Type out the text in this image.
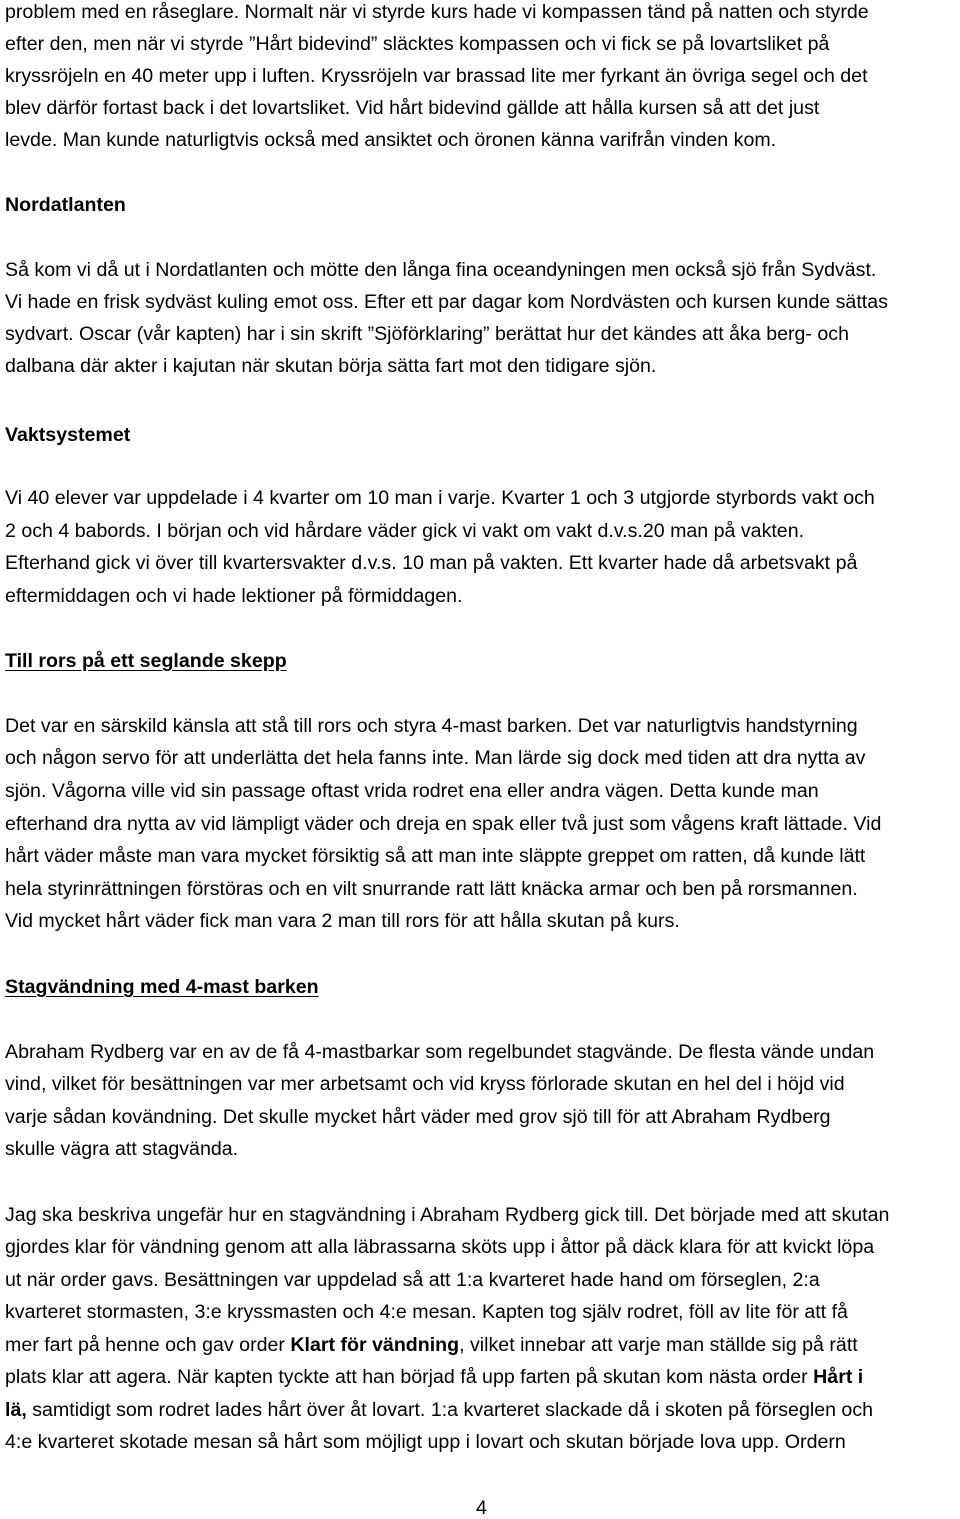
problem med en råseglare. Normalt när vi styrde kurs hade vi kompassen tänd på natten och styrde
efter den, men när vi styrde ”Hårt bidevind” släcktes kompassen och vi fick se på lovartsliket på
kryssröjeln en 40 meter upp i luften. Kryssröjeln var brassad lite mer fyrkant än övriga segel och det
blev därför fortast back i det lovartsliket. Vid hårt bidevind gällde att hålla kursen så att det just
levde. Man kunde naturligtvis också med ansiktet och öronen känna varifrån vinden kom.
Nordatlanten
Så kom vi då ut i Nordatlanten och mötte den långa fina oceandyningen men också sjö från Sydväst.
Vi hade en frisk sydväst kuling emot oss. Efter ett par dagar kom Nordvästen och kursen kunde sättas
sydvart. Oscar (vår kapten) har i sin skrift ”Sjöförklaring” berättat hur det kändes att åka berg- och
dalbana där akter i kajutan när skutan börja sätta fart mot den tidigare sjön.
Vaktsystemet
Vi 40 elever var uppdelade i 4 kvarter om 10 man i varje. Kvarter 1 och 3 utgjorde styrbords vakt och
2 och 4 babords. I början och vid hårdare väder gick vi vakt om vakt d.v.s.20 man på vakten.
Efterhand gick vi över till kvartersvakter d.v.s. 10 man på vakten. Ett kvarter hade då arbetsvakt på
eftermiddagen och vi hade lektioner på förmiddagen.
Till rors på ett seglande skepp
Det var en särskild känsla att stå till rors och styra 4-mast barken. Det var naturligtvis handstyrning
och någon servo för att underlätta det hela fanns inte. Man lärde sig dock med tiden att dra nytta av
sjön. Vågorna ville vid sin passage oftast vrida rodret ena eller andra vägen. Detta kunde man
efterhand dra nytta av vid lämpligt väder och dreja en spak eller två just som vågens kraft lättade. Vid
hårt väder måste man vara mycket försiktig så att man inte släppte greppet om ratten, då kunde lätt
hela styrinrättningen förstöras och en vilt snurrande ratt lätt knäcka armar och ben på rorsmannen.
Vid mycket hårt väder fick man vara 2 man till rors för att hålla skutan på kurs.
Stagvändning med 4-mast barken
Abraham Rydberg var en av de få 4-mastbarkar som regelbundet stagvände. De flesta vände undan
vind, vilket för besättningen var mer arbetsamt och vid kryss förlorade skutan en hel del i höjd vid
varje sådan kovändning. Det skulle mycket hårt väder med grov sjö till för att Abraham Rydberg
skulle vägra att stagvända.
Jag ska beskriva ungefär hur en stagvändning i Abraham Rydberg gick till. Det började med att skutan
gjordes klar för vändning genom att alla läbrassarna sköts upp i åttor på däck klara för att kvickt löpa
ut när order gavs. Besättningen var uppdelad så att 1:a kvarteret hade hand om förseglen, 2:a
kvarteret stormasten, 3:e kryssmasten och 4:e mesan. Kapten tog själv rodret, föll av lite för att få
mer fart på henne och gav order Klart för vändning, vilket innebar att varje man ställde sig på rätt
plats klar att agera. När kapten tyckte att han börjad få upp farten på skutan kom nästa order Hårt i
lä, samtidigt som rodret lades hårt över åt lovart. 1:a kvarteret slackade då i skoten på förseglen och
4:e kvarteret skotade mesan så hårt som möjligt upp i lovart och skutan började lova upp. Ordern
4
